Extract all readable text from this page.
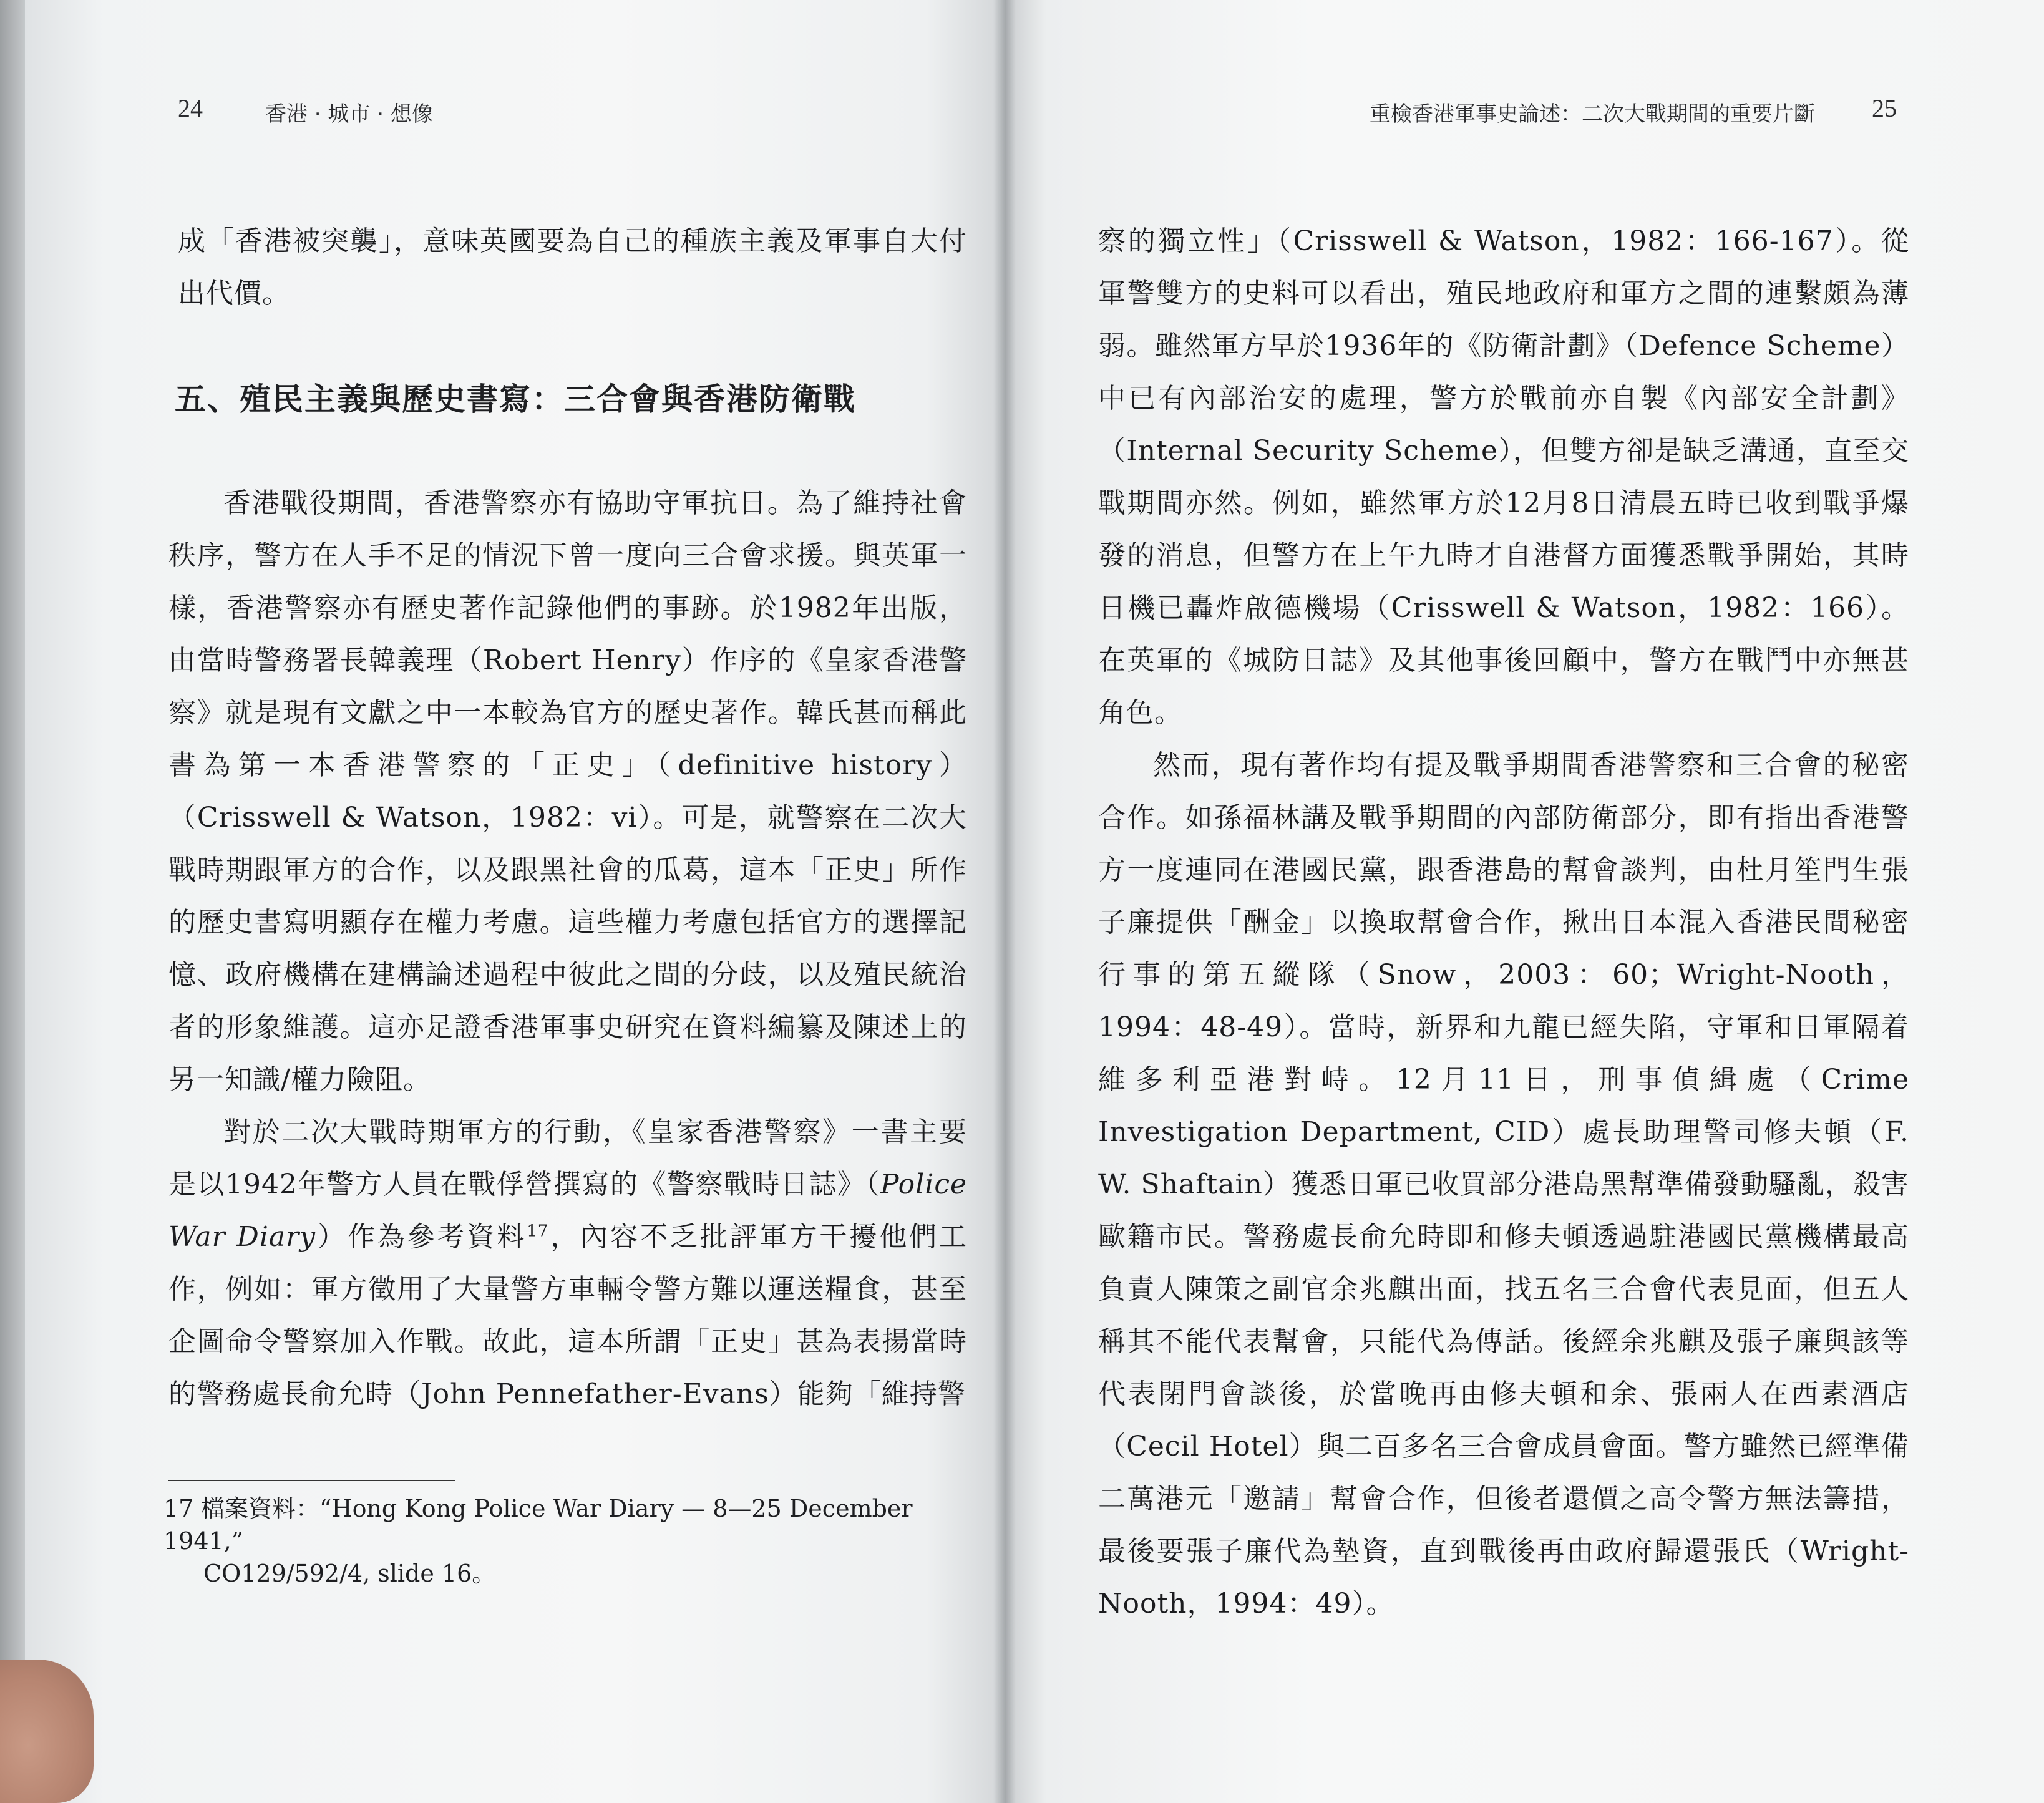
24	香港 · 城市 · 想像

成「香港被突襲」，意味英國要為自己的種族主義及軍事自大付出代價。

五、殖民主義與歷史書寫：三合會與香港防衛戰

香港戰役期間，香港警察亦有協助守軍抗日。為了維持社會秩序，警方在人手不足的情況下曾一度向三合會求援。與英軍一樣，香港警察亦有歷史著作記錄他們的事跡。於1982年出版，由當時警務署長韓義理（Robert Henry）作序的《皇家香港警察》就是現有文獻之中一本較為官方的歷史著作。韓氏甚而稱此書為第一本香港警察的「正史」（definitive history）（Crisswell & Watson，1982：vi）。可是，就警察在二次大戰時期跟軍方的合作，以及跟黑社會的瓜葛，這本「正史」所作的歷史書寫明顯存在權力考慮。這些權力考慮包括官方的選擇記憶、政府機構在建構論述過程中彼此之間的分歧，以及殖民統治者的形象維護。這亦足證香港軍事史研究在資料編纂及陳述上的另一知識/權力險阻。

對於二次大戰時期軍方的行動，《皇家香港警察》一書主要是以1942年警方人員在戰俘營撰寫的《警察戰時日誌》（Police War Diary）作為參考資料$^{17}$，內容不乏批評軍方干擾他們工作，例如：軍方徵用了大量警方車輛令警方難以運送糧食，甚至企圖命令警察加入作戰。故此，這本所謂「正史」甚為表揚當時的警務處長俞允時（John Pennefather-Evans）能夠「維持警

17 檔案資料：“Hong Kong Police War Diary — 8—25 December 1941,”
CO129/592/4, slide 16。
重檢香港軍事史論述：二次大戰期間的重要片斷 25

察的獨立性」（Crisswell & Watson，1982：166-167）。從軍警雙方的史料可以看出，殖民地政府和軍方之間的連繫頗為薄弱。雖然軍方早於1936年的《防衛計劃》（Defence Scheme）中已有內部治安的處理，警方於戰前亦自製《內部安全計劃》（Internal Security Scheme），但雙方卻是缺乏溝通，直至交戰期間亦然。例如，雖然軍方於12月8日清晨五時已收到戰爭爆發的消息，但警方在上午九時才自港督方面獲悉戰爭開始，其時日機已轟炸啟德機場（Crisswell & Watson，1982：166）。在英軍的《城防日誌》及其他事後回顧中，警方在戰鬥中亦無甚角色。

然而，現有著作均有提及戰爭期間香港警察和三合會的秘密合作。如孫福林講及戰爭期間的內部防衛部分，即有指出香港警方一度連同在港國民黨，跟香港島的幫會談判，由杜月笙門生張子廉提供「酬金」以換取幫會合作，揪出日本混入香港民間秘密行事的第五縱隊（Snow，2003：60；Wright-Nooth，1994：48-49）。當時，新界和九龍已經失陷，守軍和日軍隔着維多利亞港對峙。12月11日，刑事偵緝處（Crime Investigation Department, CID）處長助理警司修夫頓（F. W. Shaftain）獲悉日軍已收買部分港島黑幫準備發動騷亂，殺害歐籍市民。警務處長俞允時即和修夫頓透過駐港國民黨機構最高負責人陳策之副官余兆麒出面，找五名三合會代表見面，但五人稱其不能代表幫會，只能代為傳話。後經余兆麒及張子廉與該等代表閉門會談後，於當晚再由修夫頓和余、張兩人在西素酒店（Cecil Hotel）與二百多名三合會成員會面。警方雖然已經準備二萬港元「邀請」幫會合作，但後者還價之高令警方無法籌措，最後要張子廉代為墊資，直到戰後再由政府歸還張氏（Wright-Nooth，1994：49）。
